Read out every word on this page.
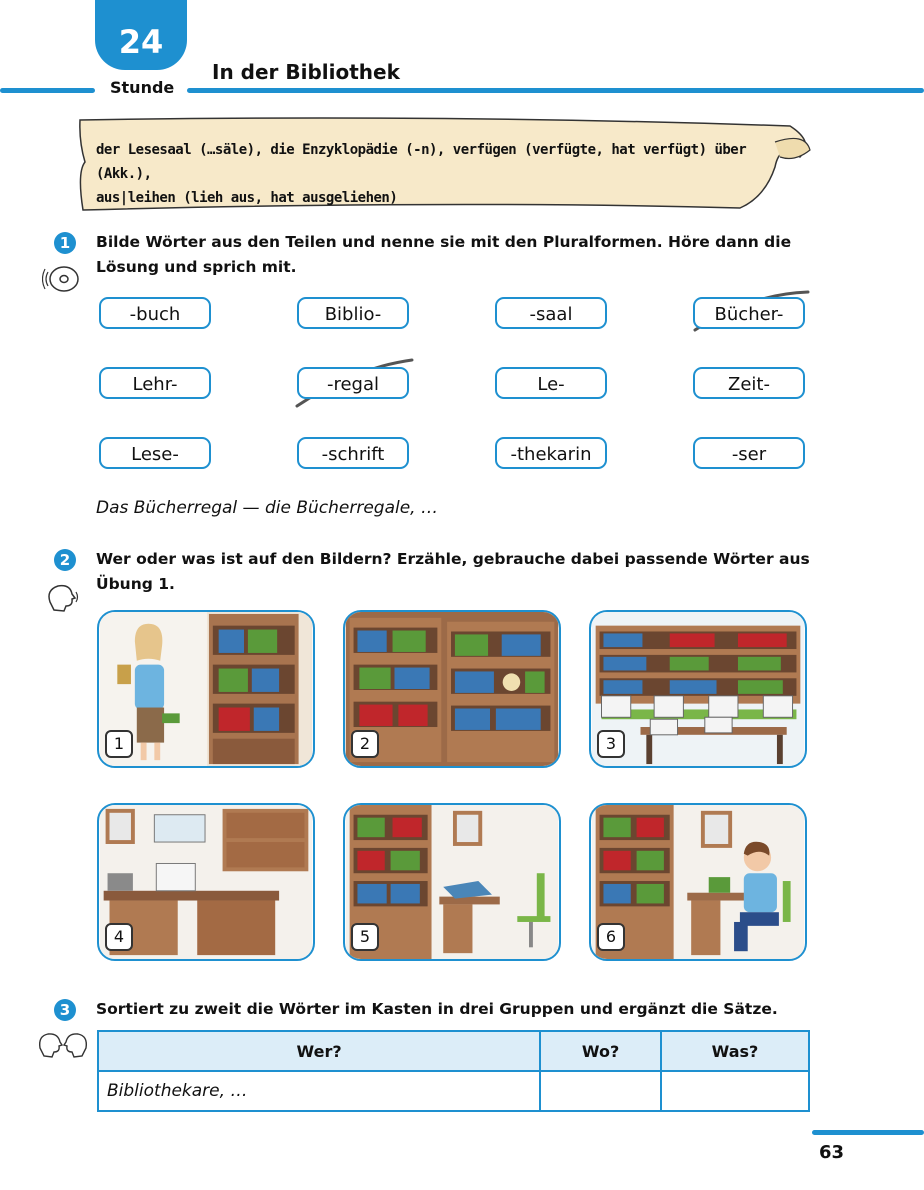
24
Stunde
In der Bibliothek
der Lesesaal (…säle), die Enzyklopädie (-n), verfügen (verfügte, hat verfügt) über (Akk.),
aus|leihen (lieh aus, hat ausgeliehen)
1	Bilde Wörter aus den Teilen und nenne sie mit den Pluralformen. Höre dann die Lösung und sprich mit.
Das Bücherregal — die Bücherregale, …
2	Wer oder was ist auf den Bildern? Erzähle, gebrauche dabei passende Wörter aus Übung 1.
1	2	3
4	5	6
3	Sortiert zu zweit die Wörter im Kasten in drei Gruppen und ergänzt die Sätze.
Wer?	Wo?	Was?
Bibliothekare, …		
63
-buch	Biblio-	-saal	Bücher-
Lehr-	-regal	Le-	Zeit-
Lese-	-schrift	-thekarin	-ser
